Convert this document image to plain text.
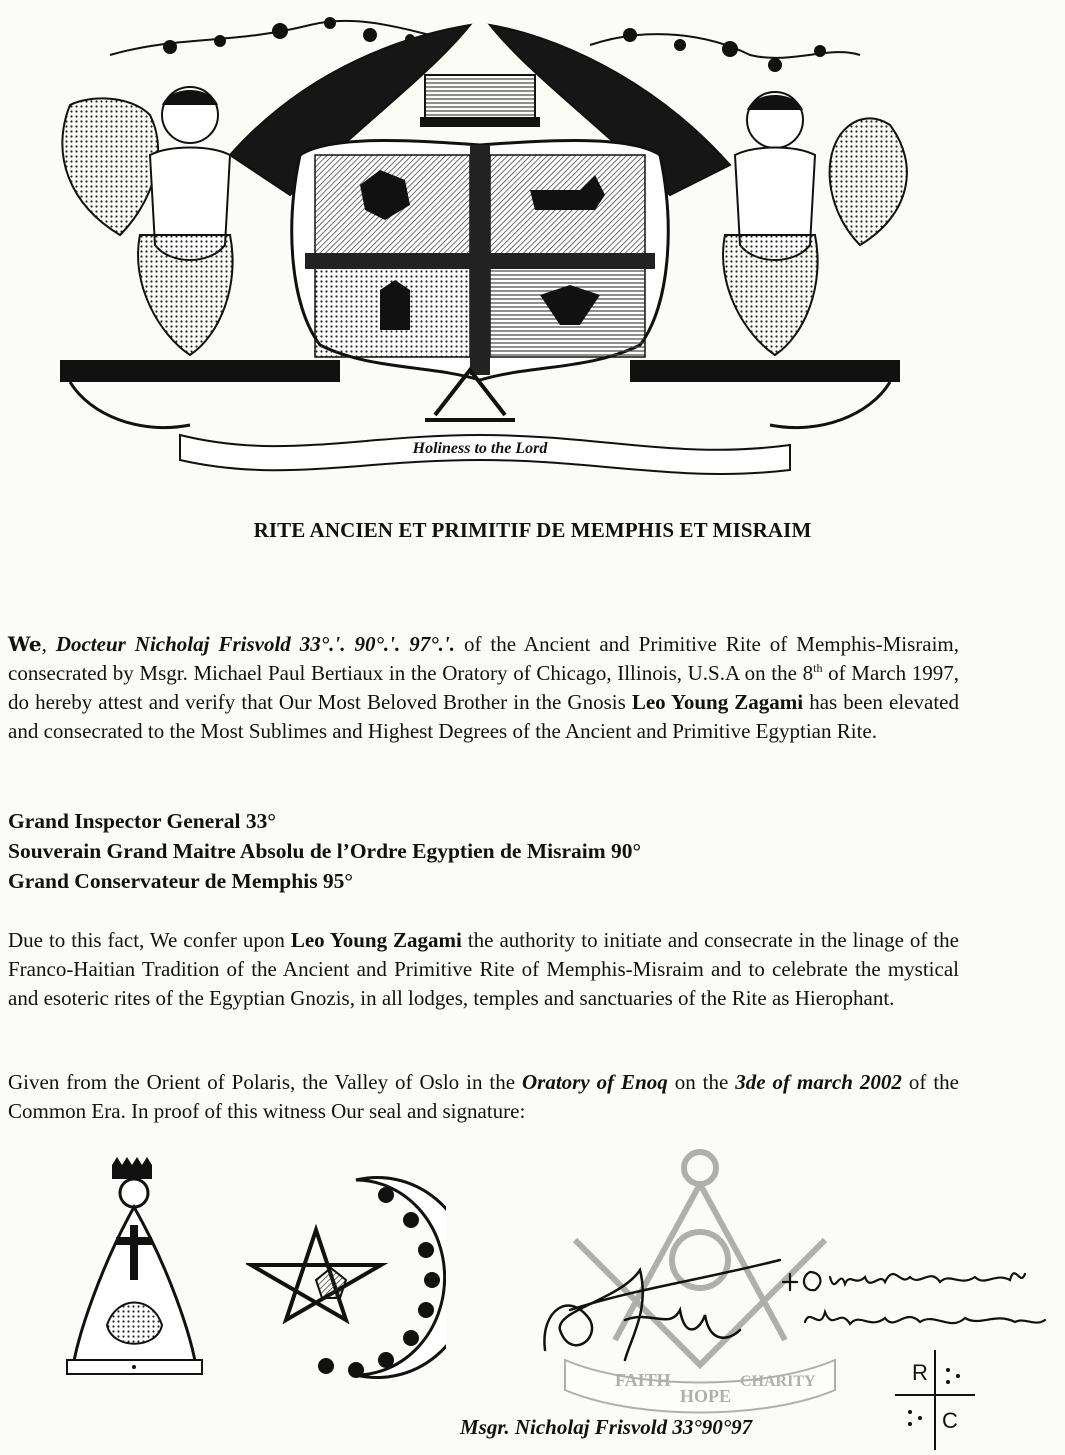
Holiness to the Lord
RITE ANCIEN ET PRIMITIF DE MEMPHIS ET MISRAIM
We, Docteur Nicholaj Frisvold 33°.'. 90°.'. 97°.'. of the Ancient and Primitive Rite of Memphis-Misraim, consecrated by Msgr. Michael Paul Bertiaux in the Oratory of Chicago, Illinois, U.S.A on the 8th of March 1997, do hereby attest and verify that Our Most Beloved Brother in the Gnosis Leo Young Zagami has been elevated and consecrated to the Most Sublimes and Highest Degrees of the Ancient and Primitive Egyptian Rite.
Grand Inspector General 33°
Souverain Grand Maitre Absolu de l’Ordre Egyptien de Misraim 90°
Grand Conservateur de Memphis 95°
Due to this fact, We confer upon Leo Young Zagami the authority to initiate and consecrate in the linage of the Franco-Haitian Tradition of the Ancient and Primitive Rite of Memphis-Misraim and to celebrate the mystical and esoteric rites of the Egyptian Gnozis, in all lodges, temples and sanctuaries of the Rite as Hierophant.
Given from the Orient of Polaris, the Valley of Oslo in the Oratory of Enoq on the 3de of march 2002 of the Common Era. In proof of this witness Our seal and signature:
FAITH
HOPE
CHARITY	R
C
Msgr. Nicholaj Frisvold 33°90°97
